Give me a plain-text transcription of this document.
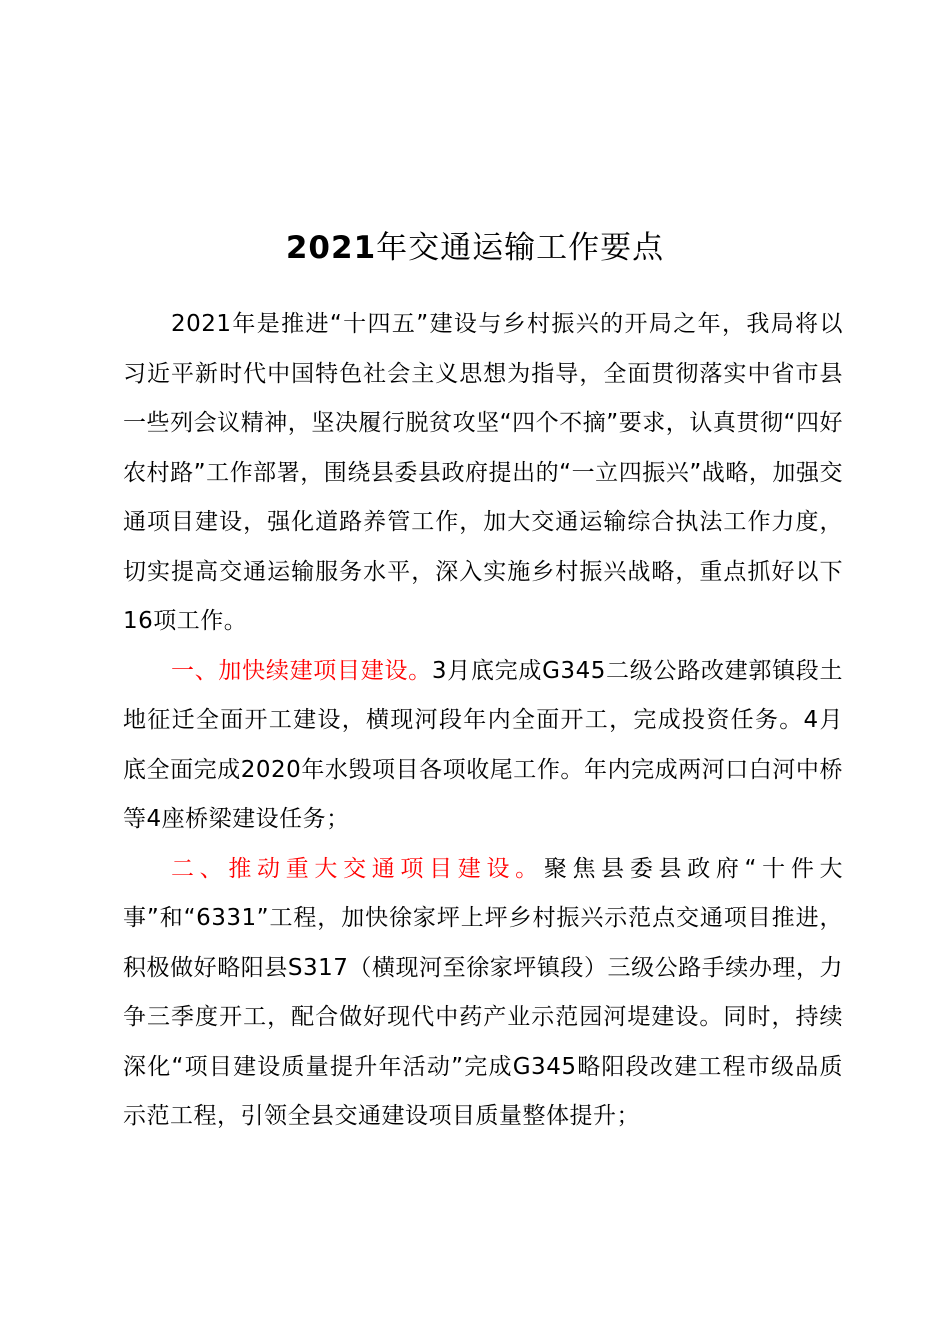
2021年交通运输工作要点

2021年是推进“十四五”建设与乡村振兴的开局之年，我局将以习近平新时代中国特色社会主义思想为指导，全面贯彻落实中省市县一些列会议精神，坚决履行脱贫攻坚“四个不摘”要求，认真贯彻“四好农村路”工作部署，围绕县委县政府提出的“一立四振兴”战略，加强交通项目建设，强化道路养管工作，加大交通运输综合执法工作力度，切实提高交通运输服务水平，深入实施乡村振兴战略，重点抓好以下16项工作。

一、加快续建项目建设。3月底完成G345二级公路改建郭镇段土地征迁全面开工建设，横现河段年内全面开工，完成投资任务。4月底全面完成2020年水毁项目各项收尾工作。年内完成两河口白河中桥等4座桥梁建设任务；

二、推动重大交通项目建设。聚焦县委县政府“十件大事”和“6331”工程，加快徐家坪上坪乡村振兴示范点交通项目推进，积极做好略阳县S317（横现河至徐家坪镇段）三级公路手续办理，力争三季度开工，配合做好现代中药产业示范园河堤建设。同时，持续深化“项目建设质量提升年活动”完成G345略阳段改建工程市级品质示范工程，引领全县交通建设项目质量整体提升；
